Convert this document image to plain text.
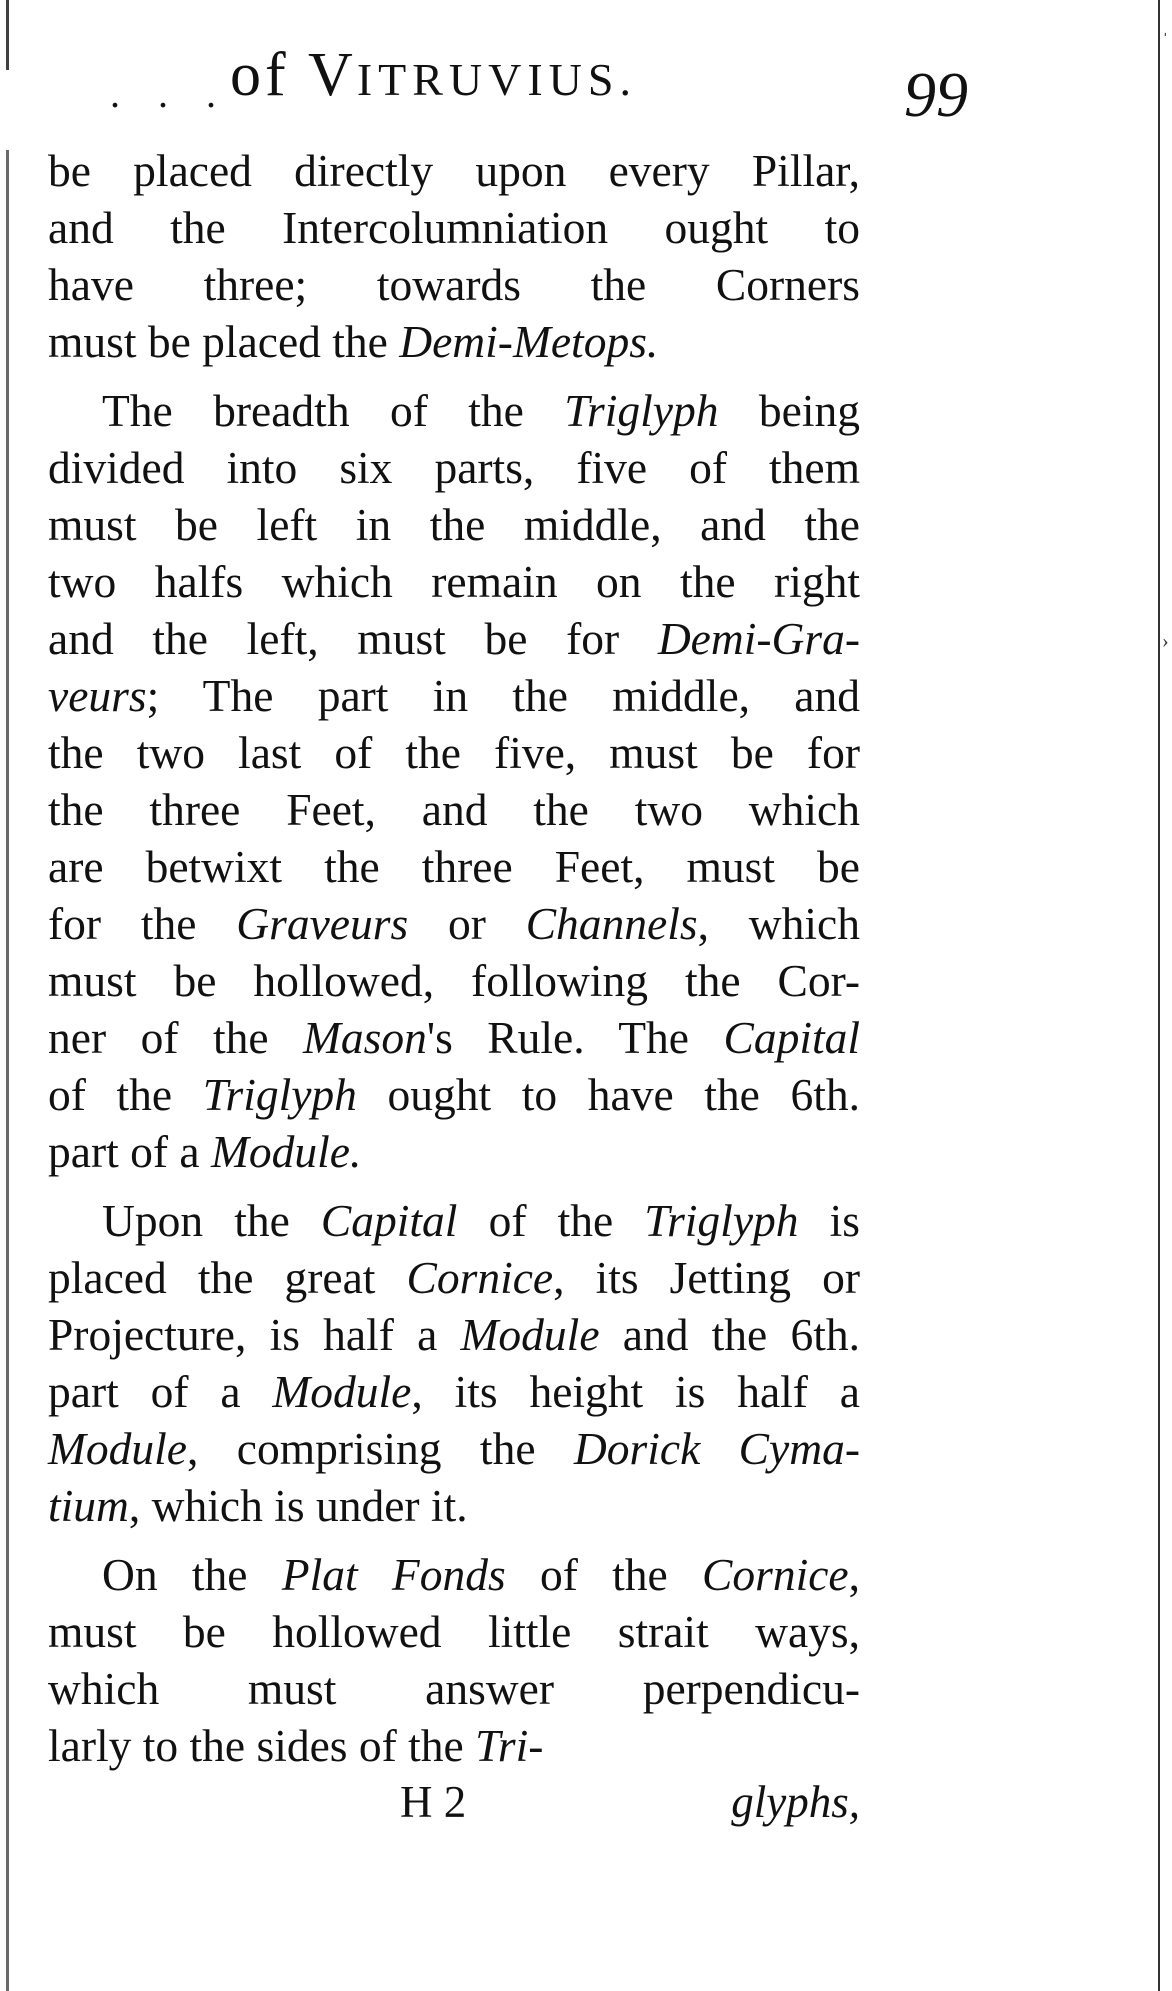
ˈ
›
. . . of VITRUVIUS.	99
be placed directly upon every Pillar,
and the Intercolumniation ought to
have three; towards the Corners
must be placed the Demi-Metops.
The breadth of the Triglyph being
divided into six parts, five of them
must be left in the middle, and the
two halfs which remain on the right
and the left, must be for Demi-Gra-
veurs; The part in the middle, and
the two last of the five, must be for
the three Feet, and the two which
are betwixt the three Feet, must be
for the Graveurs or Channels, which
must be hollowed, following the Cor-
ner of the Mason's Rule. The Capital
of the Triglyph ought to have the 6th.
part of a Module.
Upon the Capital of the Triglyph is
placed the great Cornice, its Jetting or
Projecture, is half a Module and the 6th.
part of a Module, its height is half a
Module, comprising the Dorick Cyma-
tium, which is under it.
On the Plat Fonds of the Cornice,
must be hollowed little strait ways,
which must answer perpendicu-
larly to the sides of the Tri-
H 2	glyphs,
